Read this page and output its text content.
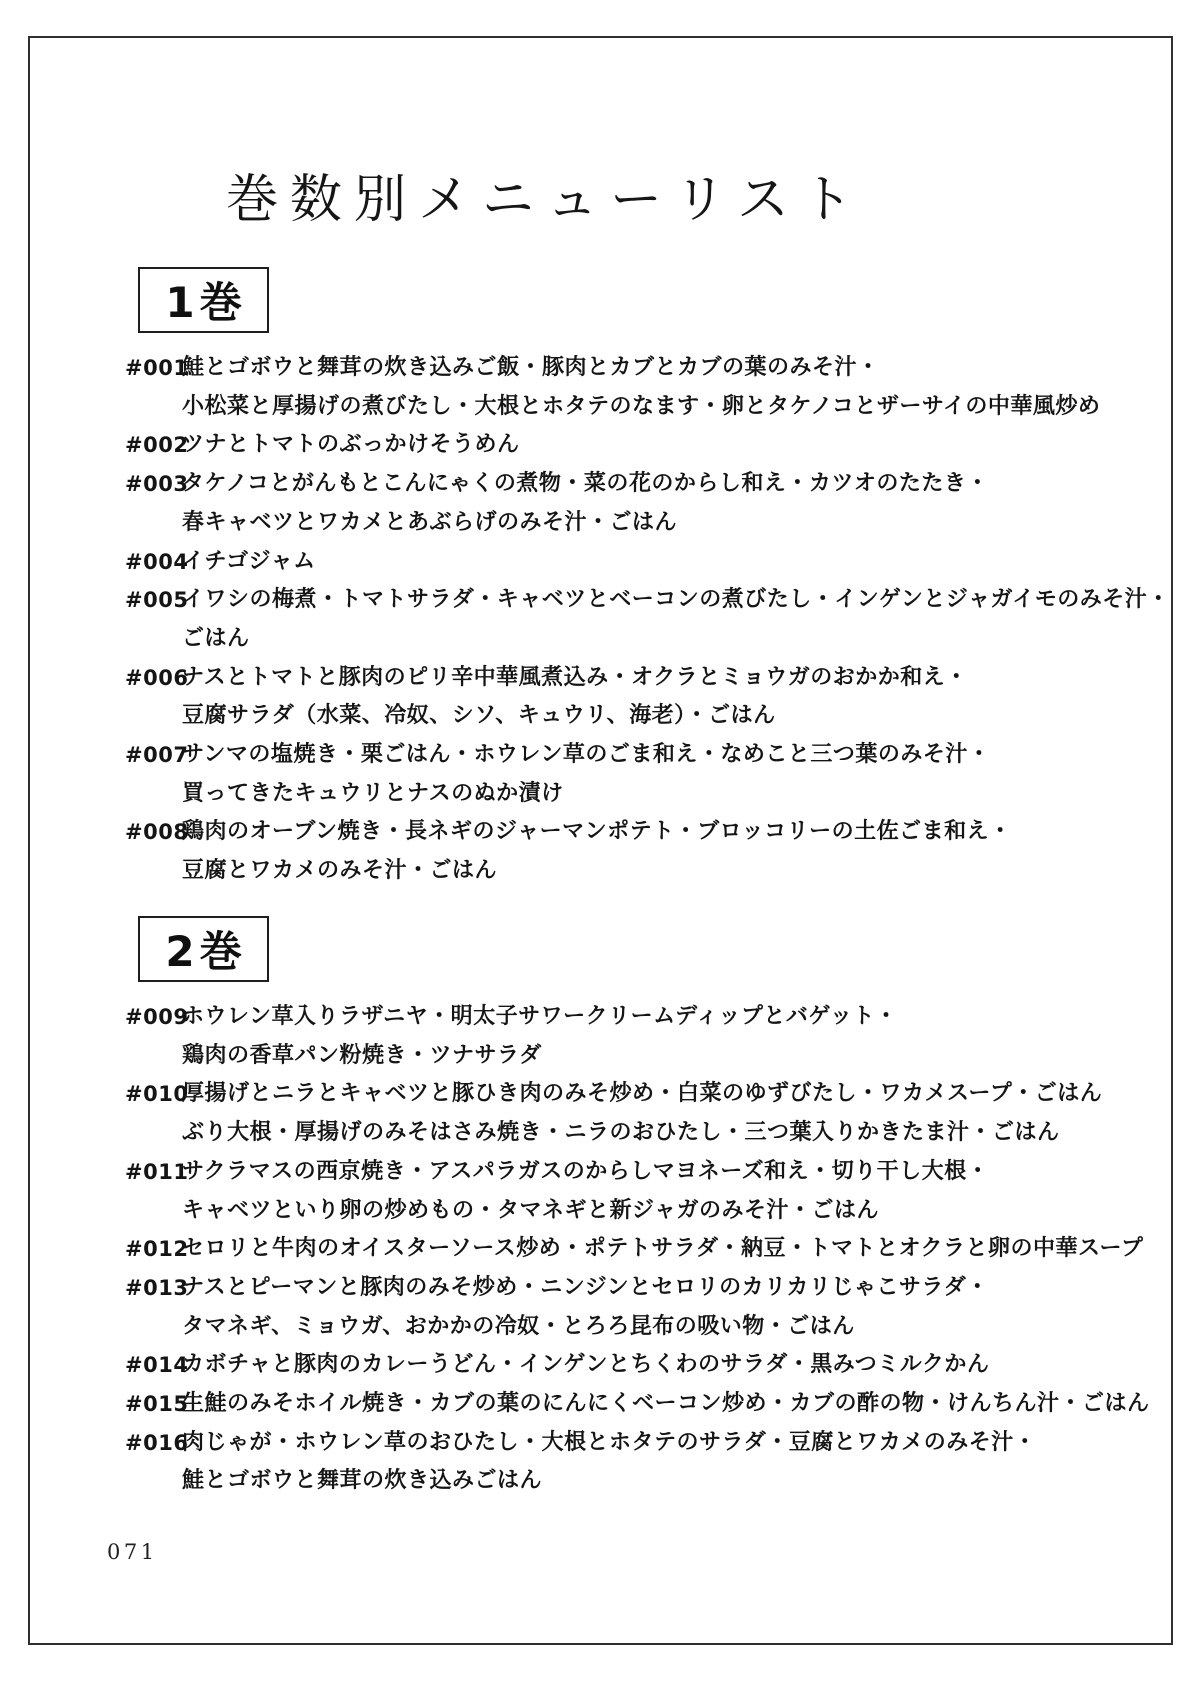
巻数別メニューリスト
1巻
#001
鮭とゴボウと舞茸の炊き込みご飯・豚肉とカブとカブの葉のみそ汁・
小松菜と厚揚げの煮びたし・大根とホタテのなます・卵とタケノコとザーサイの中華風炒め
#002
ツナとトマトのぶっかけそうめん
#003
タケノコとがんもとこんにゃくの煮物・菜の花のからし和え・カツオのたたき・
春キャベツとワカメとあぶらげのみそ汁・ごはん
#004
イチゴジャム
#005
イワシの梅煮・トマトサラダ・キャベツとベーコンの煮びたし・インゲンとジャガイモのみそ汁・
ごはん
#006
ナスとトマトと豚肉のピリ辛中華風煮込み・オクラとミョウガのおかか和え・
豆腐サラダ（水菜、冷奴、シソ、キュウリ、海老）・ごはん
#007
サンマの塩焼き・栗ごはん・ホウレン草のごま和え・なめこと三つ葉のみそ汁・
買ってきたキュウリとナスのぬか漬け
#008
鶏肉のオーブン焼き・長ネギのジャーマンポテト・ブロッコリーの土佐ごま和え・
豆腐とワカメのみそ汁・ごはん
2巻
#009
ホウレン草入りラザニヤ・明太子サワークリームディップとバゲット・
鶏肉の香草パン粉焼き・ツナサラダ
#010
厚揚げとニラとキャベツと豚ひき肉のみそ炒め・白菜のゆずびたし・ワカメスープ・ごはん
ぶり大根・厚揚げのみそはさみ焼き・ニラのおひたし・三つ葉入りかきたま汁・ごはん
#011
サクラマスの西京焼き・アスパラガスのからしマヨネーズ和え・切り干し大根・
キャベツといり卵の炒めもの・タマネギと新ジャガのみそ汁・ごはん
#012
セロリと牛肉のオイスターソース炒め・ポテトサラダ・納豆・トマトとオクラと卵の中華スープ
#013
ナスとピーマンと豚肉のみそ炒め・ニンジンとセロリのカリカリじゃこサラダ・
タマネギ、ミョウガ、おかかの冷奴・とろろ昆布の吸い物・ごはん
#014
カボチャと豚肉のカレーうどん・インゲンとちくわのサラダ・黒みつミルクかん
#015
生鮭のみそホイル焼き・カブの葉のにんにくベーコン炒め・カブの酢の物・けんちん汁・ごはん
#016
肉じゃが・ホウレン草のおひたし・大根とホタテのサラダ・豆腐とワカメのみそ汁・
鮭とゴボウと舞茸の炊き込みごはん
071
